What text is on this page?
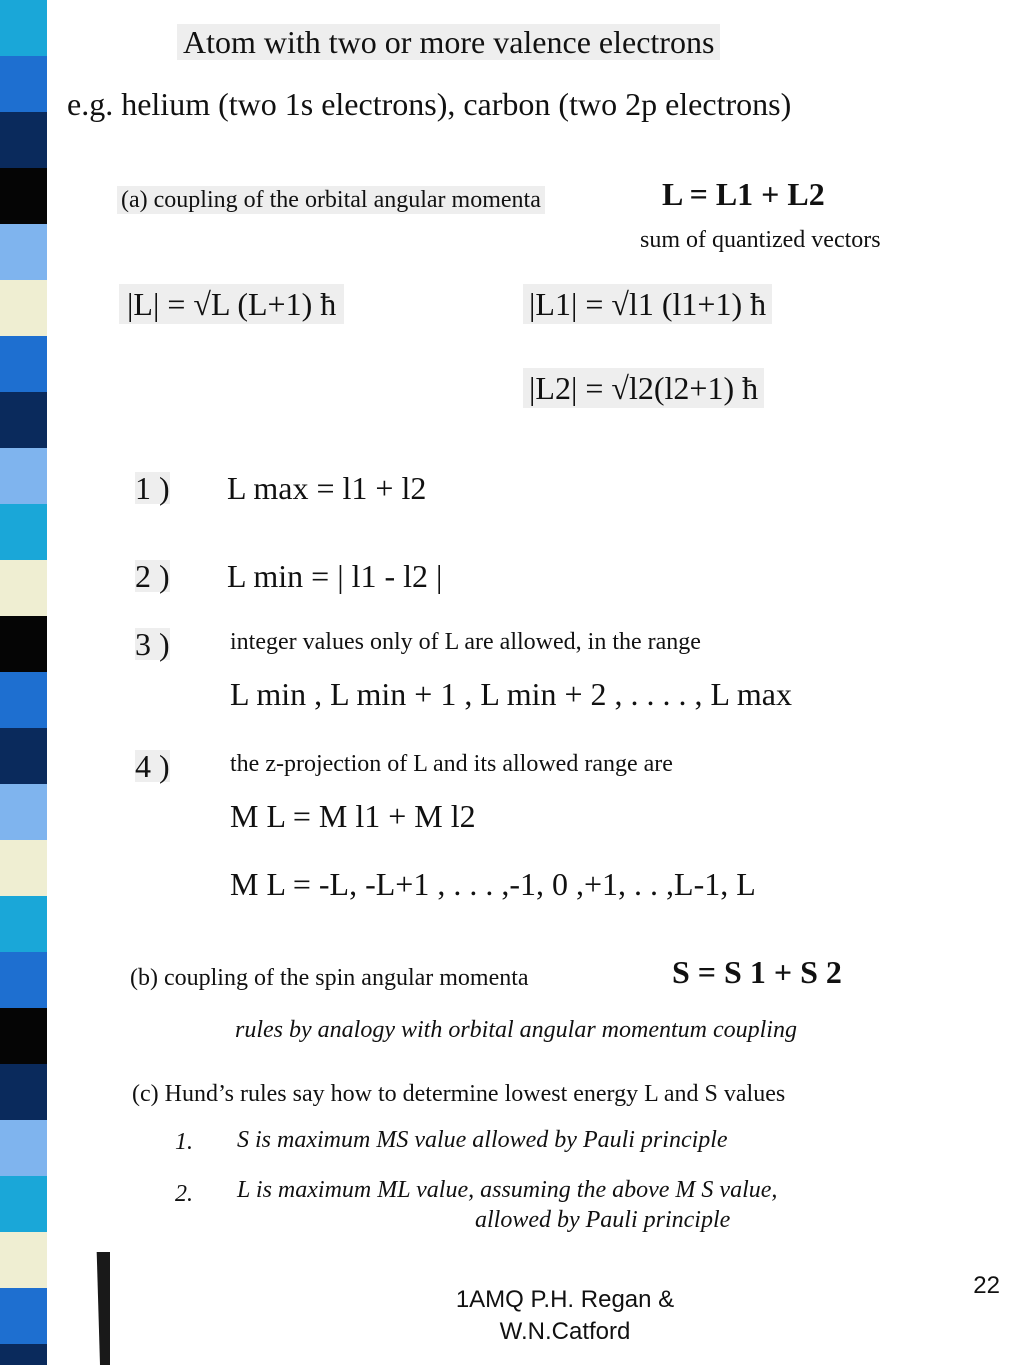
Atom with two or more valence electrons
e.g. helium (two 1s electrons), carbon (two 2p electrons)
(a) coupling of the orbital angular momenta	L = L1 + L2
sum of quantized vectors
|L| = √L (L+1) ħ	|L1| = √l1 (l1+1) ħ
|L2| = √l2(l2+1) ħ
1 ) L max = l1 + l2
2 ) L min = | l1 - l2 |
3 )	integer values only of L are allowed, in the range
L min , L min + 1 , L min + 2 , . . . . , L max
4 )	the z-projection of L and its allowed range are
M L = M l1 + M l2
M L = -L, -L+1 , . . . ,-1, 0 ,+1, . . ,L-1, L
(b) coupling of the spin angular momenta	S = S 1 + S 2
rules by analogy with orbital angular momentum coupling
(c) Hund’s rules say how to determine lowest energy L and S values
1. S is maximum MS value allowed by Pauli principle
2. L is maximum ML value, assuming the above M S value,
allowed by Pauli principle
1AMQ P.H. Regan &
W.N.Catford
22
